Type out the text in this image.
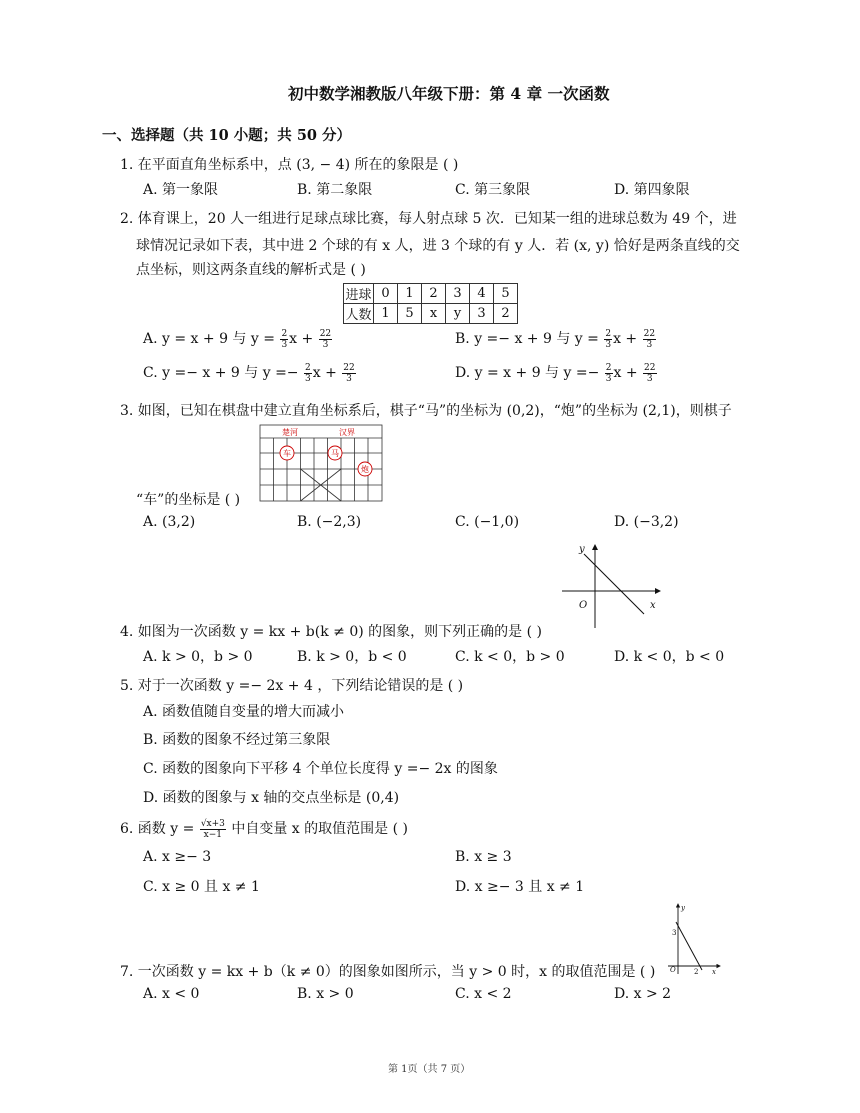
初中数学湘教版八年级下册：第 4 章 一次函数
一、选择题（共 10 小题；共 50 分）
1. 在平面直角坐标系中，点 (3, − 4) 所在的象限是 ( )
A. 第一象限	B. 第二象限	C. 第三象限	D. 第四象限
2. 体育课上，20 人一组进行足球点球比赛，每人射点球 5 次．已知某一组的进球总数为 49 个，进
球情况记录如下表，其中进 2 个球的有 x 人，进 3 个球的有 y 人．若 (x, y) 恰好是两条直线的交
点坐标，则这两条直线的解析式是 ( )
进球	0	1	2	3	4	5
人数	1	5	x	y	3	2
A. y = x + 9 与 $y = \frac{2}{3}$ $x + \frac{22}{3}$	B. y =− x + 9 与 $y = \frac{2}{3}$ $x + \frac{22}{3}$
C. y =− x + 9 与 $y =- \frac{2}{3}$ $x + \frac{22}{3}$	D. y = x + 9 与 $y =- \frac{2}{3}$ $x + \frac{22}{3}$
3. 如图，已知在棋盘中建立直角坐标系后，棋子“马”的坐标为 (0,2)，“炮”的坐标为 (2,1)，则棋子
楚河	汉界
车	马
炮
“车”的坐标是 ( )
A. (3,2)	B. (−2,3)	C. (−1,0)	D. (−3,2)
y
x
O
4. 如图为一次函数 y = kx + b(k ≠ 0) 的图象，则下列正确的是 ( )
A. k > 0，b > 0	B. k > 0，b < 0	C. k < 0，b > 0	D. k < 0，b < 0
5. 对于一次函数 y =− 2x + 4 ，下列结论错误的是 ( )
A. 函数值随自变量的增大而减小
B. 函数的图象不经过第三象限
C. 函数的图象向下平移 4 个单位长度得 y =− 2x 的图象
D. 函数的图象与 x 轴的交点坐标是 (0,4)
6. 函数 $y = \frac{√x+3}{x-1}$ 中自变量 x 的取值范围是 ( )
A. x ≥− 3	B. x ≥ 3
C. x ≥ 0 且 x ≠ 1	D. x ≥− 3 且 x ≠ 1
y
x
O
3
2
7. 一次函数 y = kx + b（k ≠ 0）的图象如图所示，当 y > 0 时，x 的取值范围是 ( )
A. x < 0	B. x > 0	C. x < 2	D. x > 2
第 1页（共 7 页）
